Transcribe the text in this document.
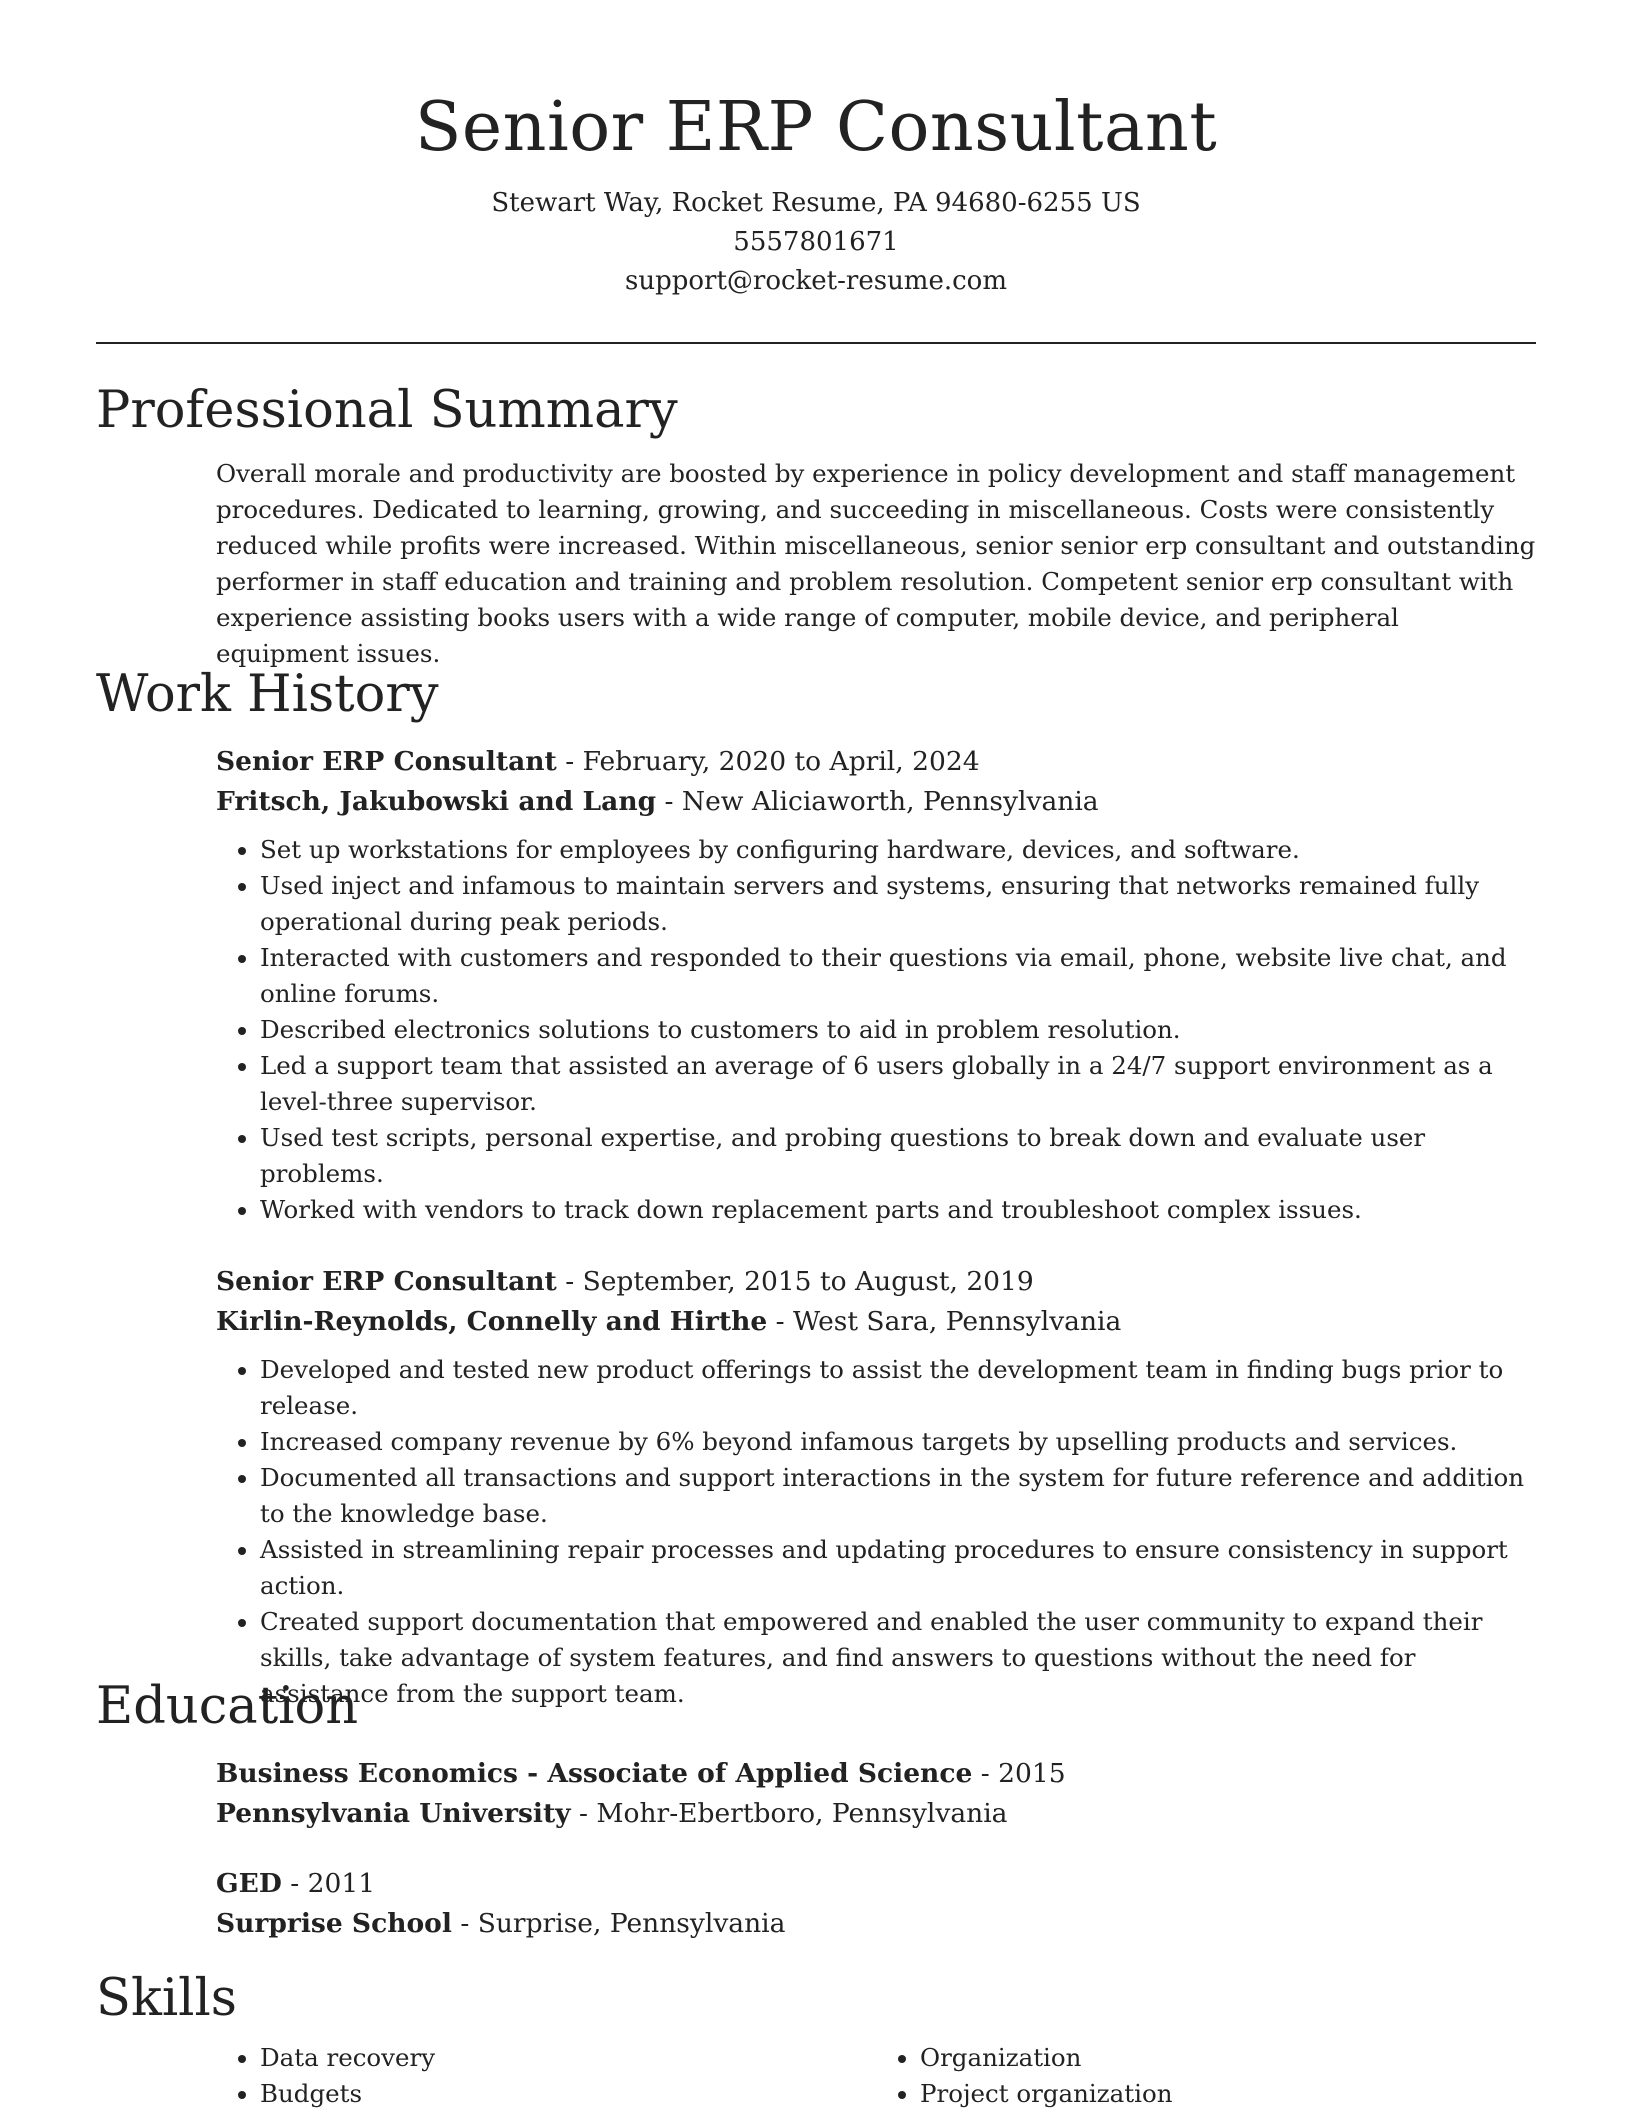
Senior ERP Consultant

Stewart Way, Rocket Resume, PA 94680-6255 US

5557801671

support@rocket-resume.com

Professional Summary

Overall morale and productivity are boosted by experience in policy development and staff management procedures. Dedicated to learning, growing, and succeeding in miscellaneous. Costs were consistently reduced while profits were increased. Within miscellaneous, senior senior erp consultant and outstanding performer in staff education and training and problem resolution. Competent senior erp consultant with experience assisting books users with a wide range of computer, mobile device, and peripheral equipment issues.

Work History

Senior ERP Consultant - February, 2020 to April, 2024

Fritsch, Jakubowski and Lang - New Aliciaworth, Pennsylvania

• Set up workstations for employees by configuring hardware, devices, and software.
• Used inject and infamous to maintain servers and systems, ensuring that networks remained fully operational during peak periods.
• Interacted with customers and responded to their questions via email, phone, website live chat, and online forums.
• Described electronics solutions to customers to aid in problem resolution.
• Led a support team that assisted an average of 6 users globally in a 24/7 support environment as a level-three supervisor.
• Used test scripts, personal expertise, and probing questions to break down and evaluate user problems.
• Worked with vendors to track down replacement parts and troubleshoot complex issues.

Senior ERP Consultant - September, 2015 to August, 2019

Kirlin-Reynolds, Connelly and Hirthe - West Sara, Pennsylvania

• Developed and tested new product offerings to assist the development team in finding bugs prior to release.
• Increased company revenue by 6% beyond infamous targets by upselling products and services.
• Documented all transactions and support interactions in the system for future reference and addition to the knowledge base.
• Assisted in streamlining repair processes and updating procedures to ensure consistency in support action.
• Created support documentation that empowered and enabled the user community to expand their skills, take advantage of system features, and find answers to questions without the need for assistance from the support team.
Education

Business Economics - Associate of Applied Science - 2015

Pennsylvania University - Mohr-Ebertboro, Pennsylvania

GED - 2011

Surprise School - Surprise, Pennsylvania

Skills
• Data recovery
• Budgets
• Organization
• Project organization
